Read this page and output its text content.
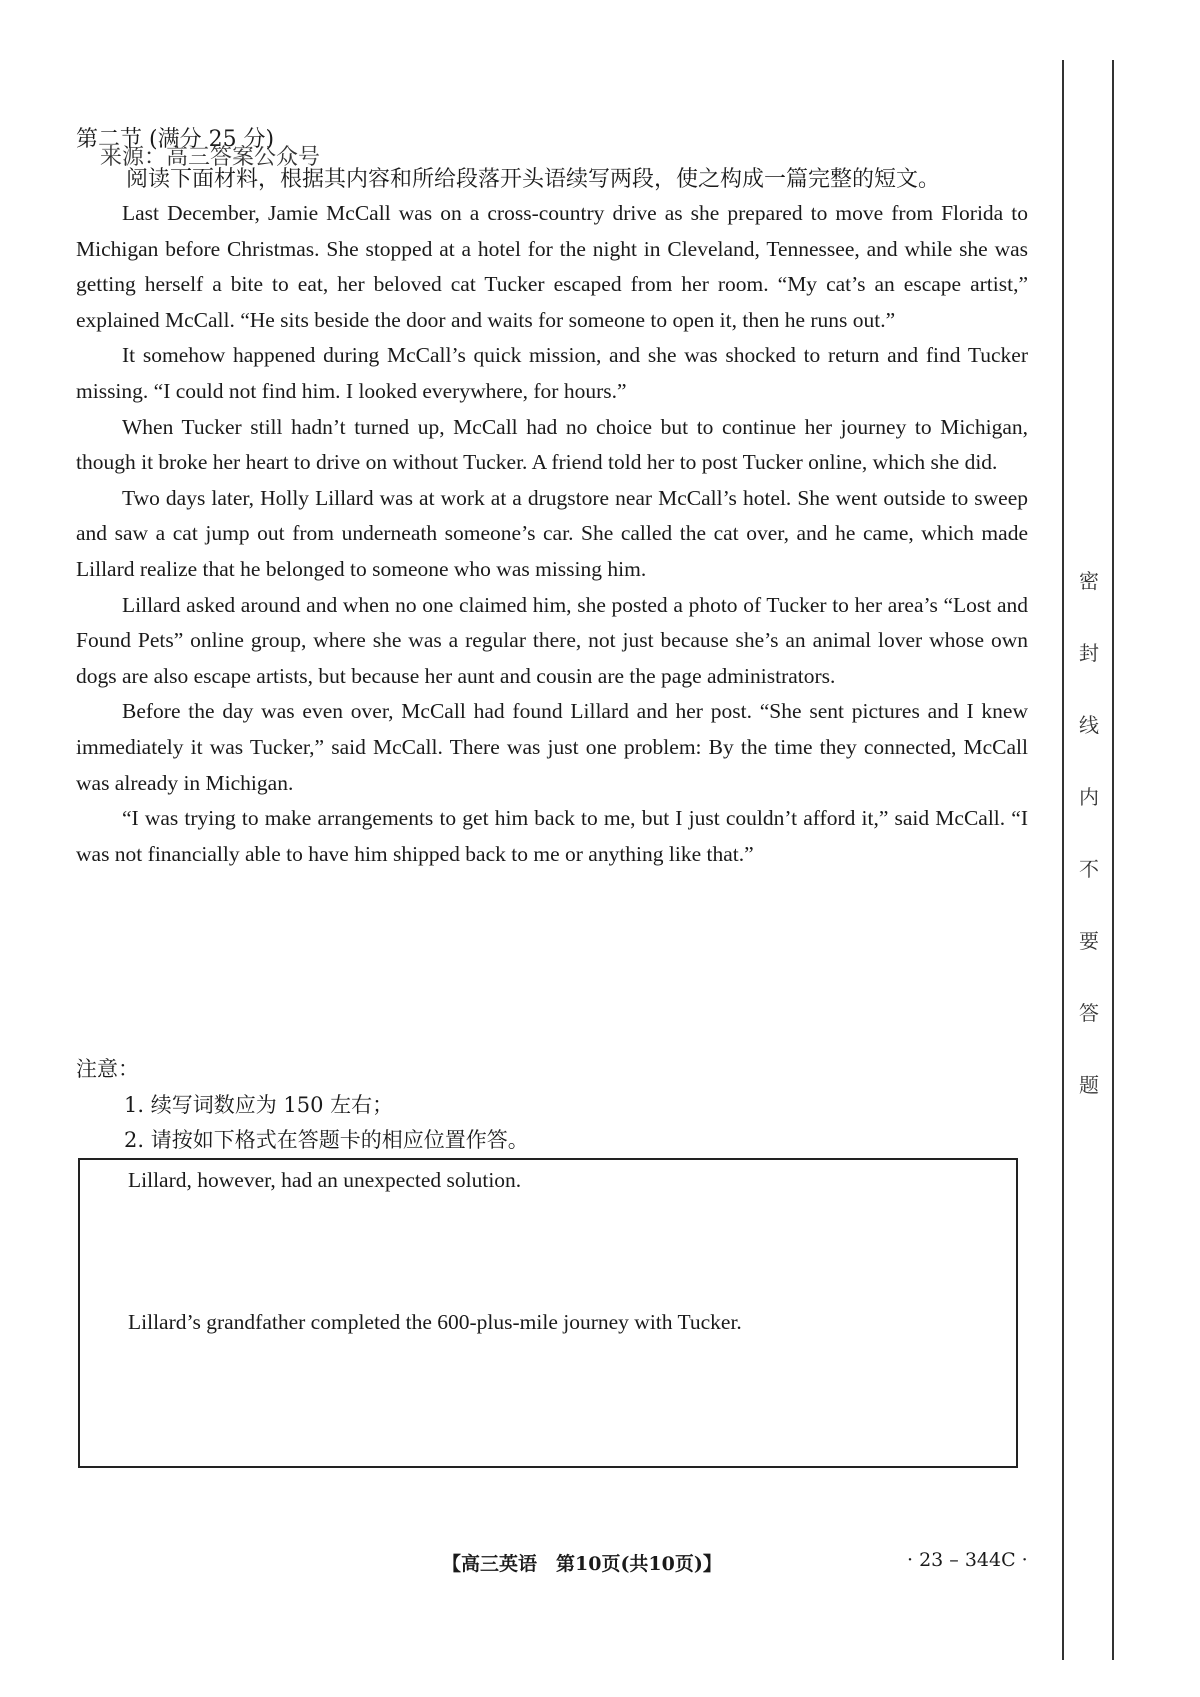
第二节 (满分 25 分)
来源：高三答案公众号
阅读下面材料，根据其内容和所给段落开头语续写两段，使之构成一篇完整的短文。

Last December, Jamie McCall was on a cross-country drive as she prepared to move from Florida to Michigan before Christmas. She stopped at a hotel for the night in Cleveland, Tennessee, and while she was getting herself a bite to eat, her beloved cat Tucker escaped from her room. “My cat’s an escape artist,” explained McCall. “He sits beside the door and waits for someone to open it, then he runs out.”

It somehow happened during McCall’s quick mission, and she was shocked to return and find Tucker missing. “I could not find him. I looked everywhere, for hours.”

When Tucker still hadn’t turned up, McCall had no choice but to continue her journey to Michigan, though it broke her heart to drive on without Tucker. A friend told her to post Tucker online, which she did.

Two days later, Holly Lillard was at work at a drugstore near McCall’s hotel. She went outside to sweep and saw a cat jump out from underneath someone’s car. She called the cat over, and he came, which made Lillard realize that he belonged to someone who was missing him.

Lillard asked around and when no one claimed him, she posted a photo of Tucker to her area’s “Lost and Found Pets” online group, where she was a regular there, not just because she’s an animal lover whose own dogs are also escape artists, but because her aunt and cousin are the page administrators.

Before the day was even over, McCall had found Lillard and her post. “She sent pictures and I knew immediately it was Tucker,” said McCall. There was just one problem: By the time they connected, McCall was already in Michigan.

“I was trying to make arrangements to get him back to me, but I just couldn’t afford it,” said McCall. “I was not financially able to have him shipped back to me or anything like that.”

注意：
1. 续写词数应为 150 左右；
2. 请按如下格式在答题卡的相应位置作答。
Lillard, however, had an unexpected solution.
Lillard’s grandfather completed the 600-plus-mile journey with Tucker.
【高三英语　第10页(共10页)】	· 23 – 344C ·
密
封
线
内
不
要
答
题
